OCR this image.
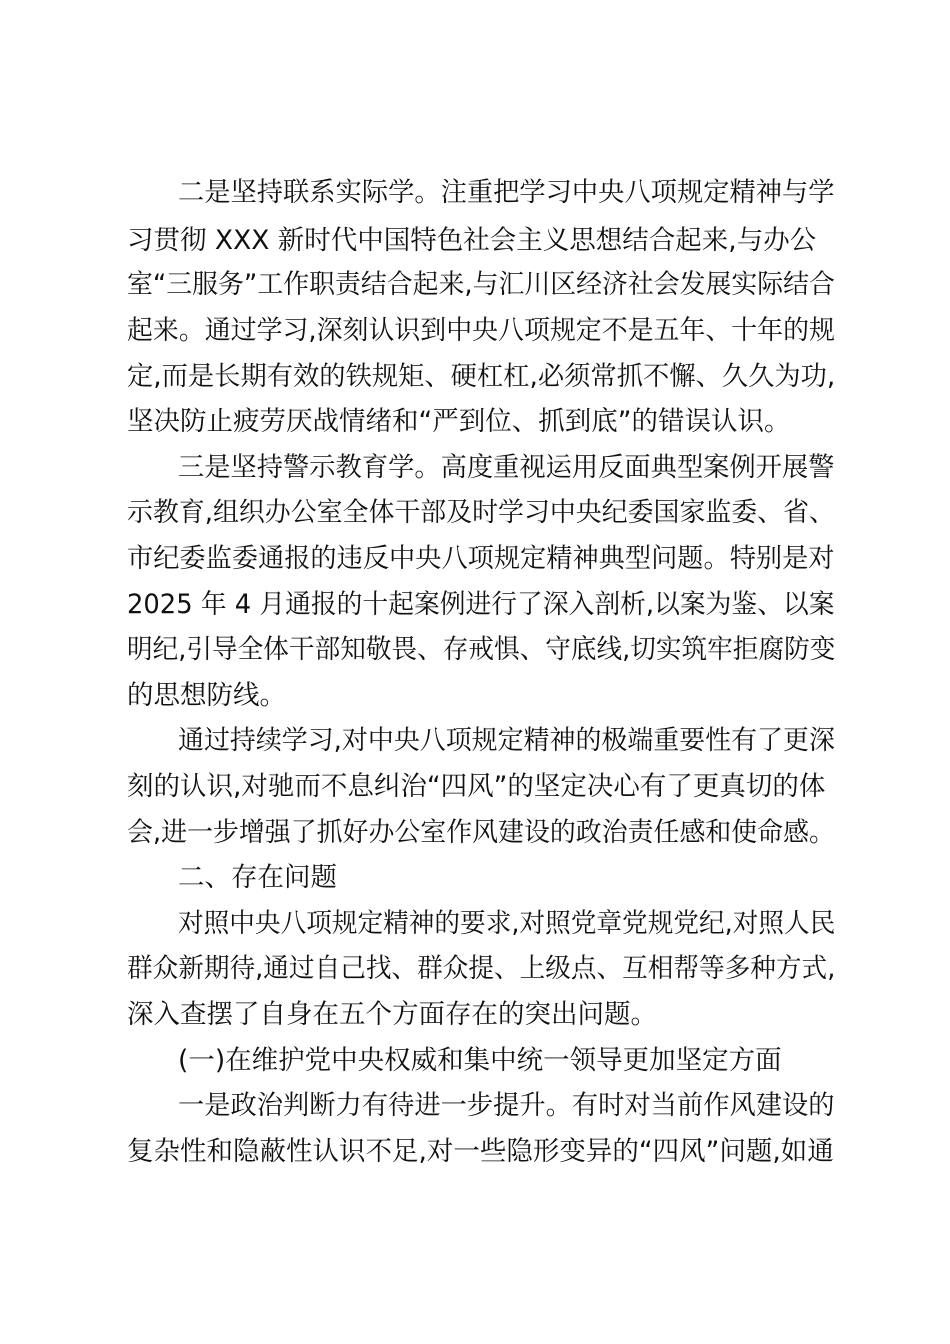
二是坚持联系实际学。注重把学习中央八项规定精神与学
习贯彻 XXX 新时代中国特色社会主义思想结合起来,与办公
室“三服务”工作职责结合起来,与汇川区经济社会发展实际结合
起来。通过学习,深刻认识到中央八项规定不是五年、十年的规
定,而是长期有效的铁规矩、硬杠杠,必须常抓不懈、久久为功,
坚决防止疲劳厌战情绪和“严到位、抓到底”的错误认识。
三是坚持警示教育学。高度重视运用反面典型案例开展警
示教育,组织办公室全体干部及时学习中央纪委国家监委、省、
市纪委监委通报的违反中央八项规定精神典型问题。特别是对
2025 年 4 月通报的十起案例进行了深入剖析,以案为鉴、以案
明纪,引导全体干部知敬畏、存戒惧、守底线,切实筑牢拒腐防变
的思想防线。
通过持续学习,对中央八项规定精神的极端重要性有了更深
刻的认识,对驰而不息纠治“四风”的坚定决心有了更真切的体
会,进一步增强了抓好办公室作风建设的政治责任感和使命感。
二、存在问题
对照中央八项规定精神的要求,对照党章党规党纪,对照人民
群众新期待,通过自己找、群众提、上级点、互相帮等多种方式,
深入查摆了自身在五个方面存在的突出问题。
(一)在维护党中央权威和集中统一领导更加坚定方面
一是政治判断力有待进一步提升。有时对当前作风建设的
复杂性和隐蔽性认识不足,对一些隐形变异的“四风”问题,如通
